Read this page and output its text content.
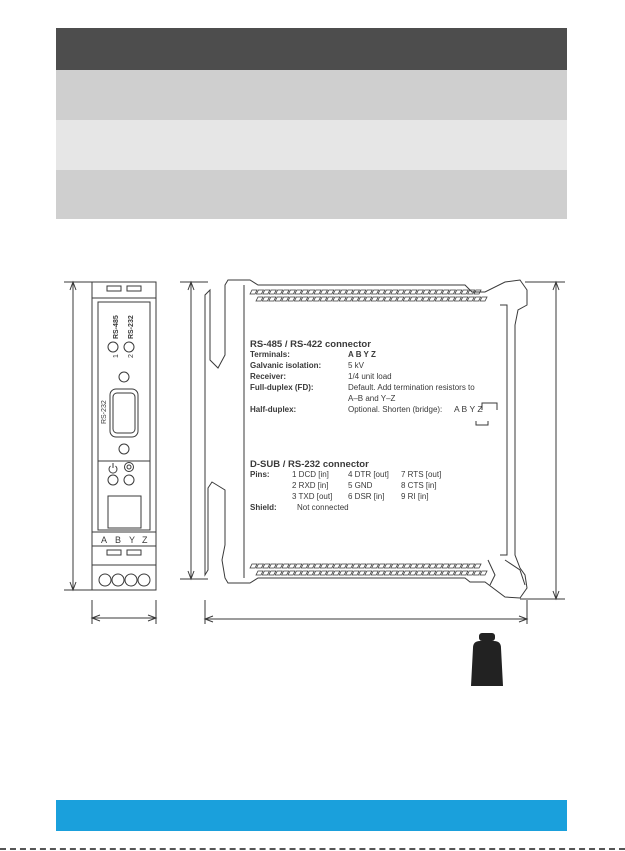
1
RS-485
2
RS-232
RS-232
A B Y Z
RS-485 / RS-422 connector
Terminals:	A B Y Z
Galvanic isolation:	5 kV
Receiver:	1/4 unit load
Full-duplex (FD):	Default. Add termination resistors to
A–B and Y–Z
Half-duplex:	Optional. Shorten (bridge): A B Y Z
D-SUB / RS-232 connector
Pins:	1 DCD [in] 4 DTR [out] 7 RTS [out]
2 RXD [in] 5 GND	8 CTS [in]
3 TXD [out] 6 DSR [in] 9 RI [in]
Shield:	Not connected
